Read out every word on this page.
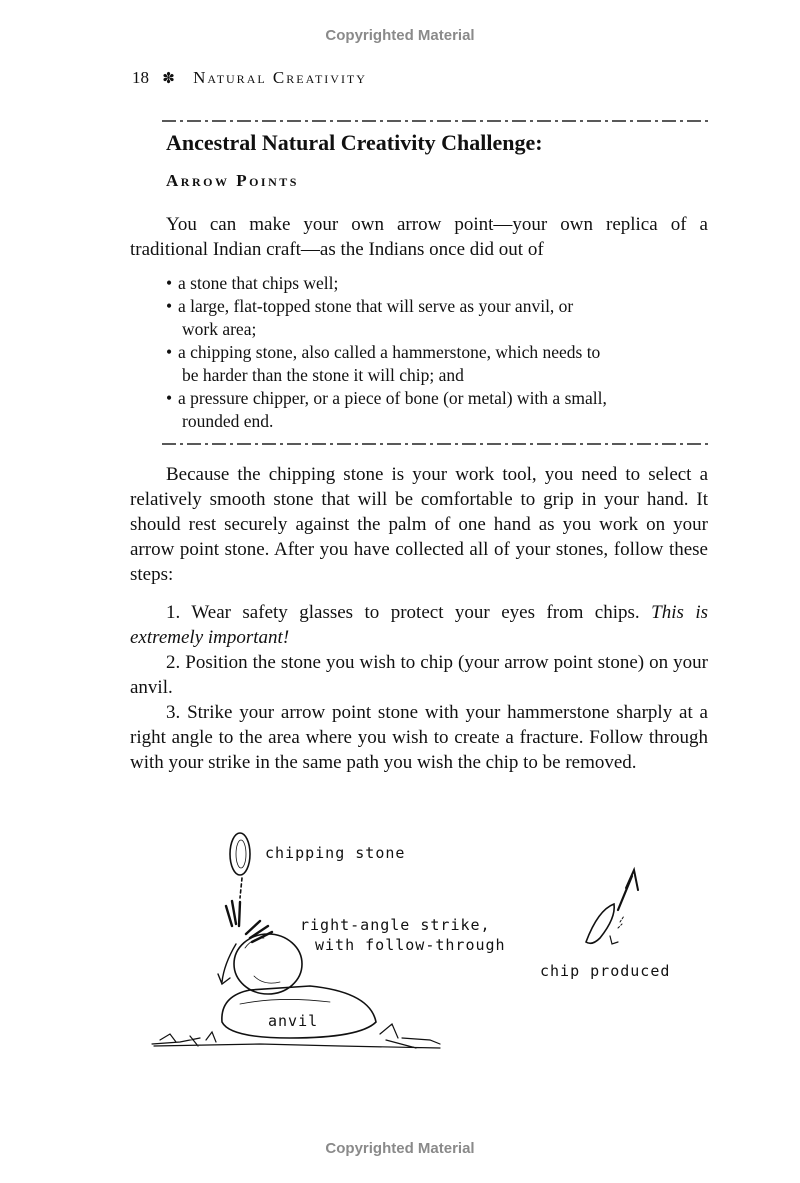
Copyrighted Material
18 ✽ Natural Creativity
Ancestral Natural Creativity Challenge:
Arrow Points

You can make your own arrow point—your own replica of a traditional Indian craft—as the Indians once did out of

• a stone that chips well;
• a large, flat-topped stone that will serve as your anvil, or
work area;
• a chipping stone, also called a hammerstone, which needs to
be harder than the stone it will chip; and
• a pressure chipper, or a piece of bone (or metal) with a small,
rounded end.

Because the chipping stone is your work tool, you need to select a relatively smooth stone that will be comfortable to grip in your hand. It should rest securely against the palm of one hand as you work on your arrow point stone. After you have collected all of your stones, follow these steps:

1. Wear safety glasses to protect your eyes from chips. This is extremely important!
2. Position the stone you wish to chip (your arrow point stone) on your anvil.
3. Strike your arrow point stone with your hammerstone sharply at a right angle to the area where you wish to create a fracture. Follow through with your strike in the same path you wish the chip to be removed.
chipping stone
right-angle strike,
with follow-through
anvil
chip produced
Copyrighted Material
